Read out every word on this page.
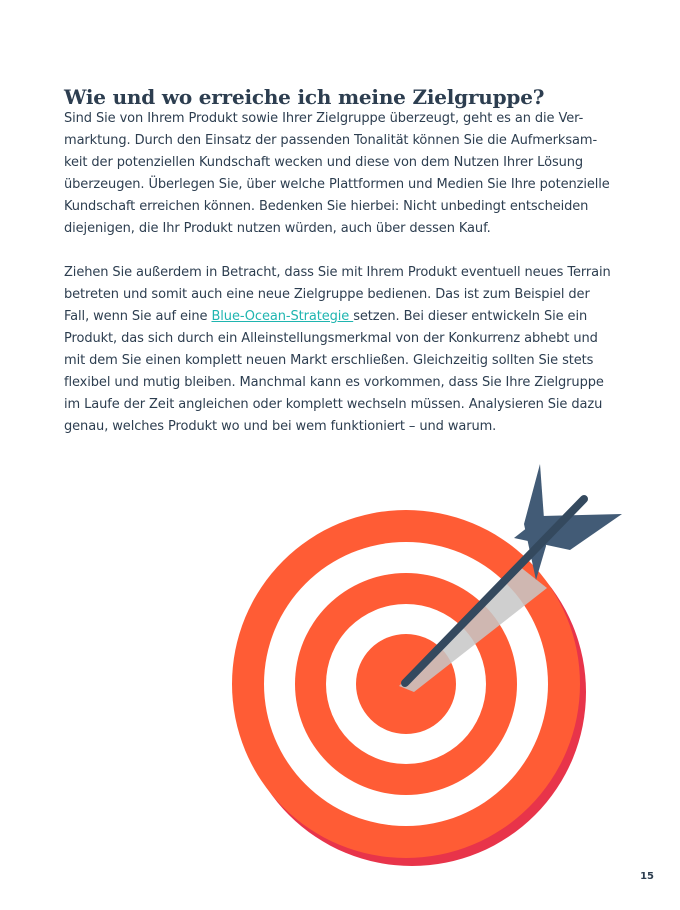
Wie und wo erreiche ich meine Zielgruppe?
Sind Sie von Ihrem Produkt sowie Ihrer Zielgruppe überzeugt, geht es an die Ver-
marktung. Durch den Einsatz der passenden Tonalität können Sie die Aufmerksam-
keit der potenziellen Kundschaft wecken und diese von dem Nutzen Ihrer Lösung
überzeugen. Überlegen Sie, über welche Plattformen und Medien Sie Ihre potenzielle
Kundschaft erreichen können. Bedenken Sie hierbei: Nicht unbedingt entscheiden
diejenigen, die Ihr Produkt nutzen würden, auch über dessen Kauf.
Ziehen Sie außerdem in Betracht, dass Sie mit Ihrem Produkt eventuell neues Terrain
betreten und somit auch eine neue Zielgruppe bedienen. Das ist zum Beispiel der
Fall, wenn Sie auf eine Blue-Ocean-Strategie setzen. Bei dieser entwickeln Sie ein
Produkt, das sich durch ein Alleinstellungsmerkmal von der Konkurrenz abhebt und
mit dem Sie einen komplett neuen Markt erschließen. Gleichzeitig sollten Sie stets
flexibel und mutig bleiben. Manchmal kann es vorkommen, dass Sie Ihre Zielgruppe
im Laufe der Zeit angleichen oder komplett wechseln müssen. Analysieren Sie dazu
genau, welches Produkt wo und bei wem funktioniert – und warum.
15
